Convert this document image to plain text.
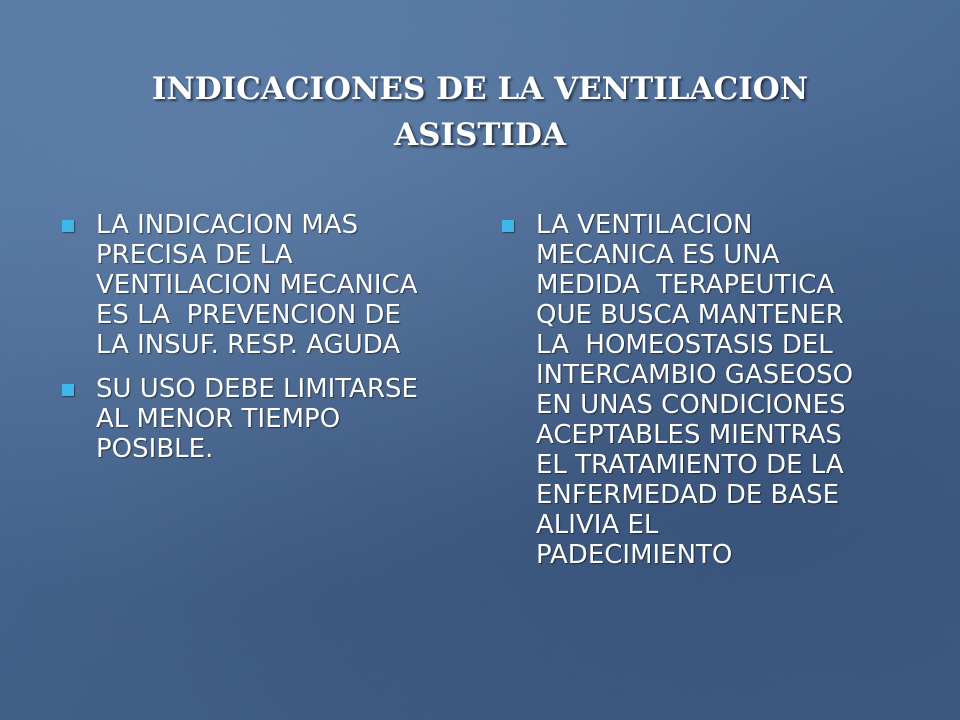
INDICACIONES DE LA VENTILACION
ASISTIDA
LA INDICACION MAS
PRECISA DE LA
VENTILACION MECANICA
ES LA  PREVENCION DE
LA INSUF. RESP. AGUDA
SU USO DEBE LIMITARSE
AL MENOR TIEMPO
POSIBLE.
LA VENTILACION
MECANICA ES UNA
MEDIDA  TERAPEUTICA
QUE BUSCA MANTENER
LA  HOMEOSTASIS DEL
INTERCAMBIO GASEOSO
EN UNAS CONDICIONES
ACEPTABLES MIENTRAS
EL TRATAMIENTO DE LA
ENFERMEDAD DE BASE
ALIVIA EL
PADECIMIENTO
